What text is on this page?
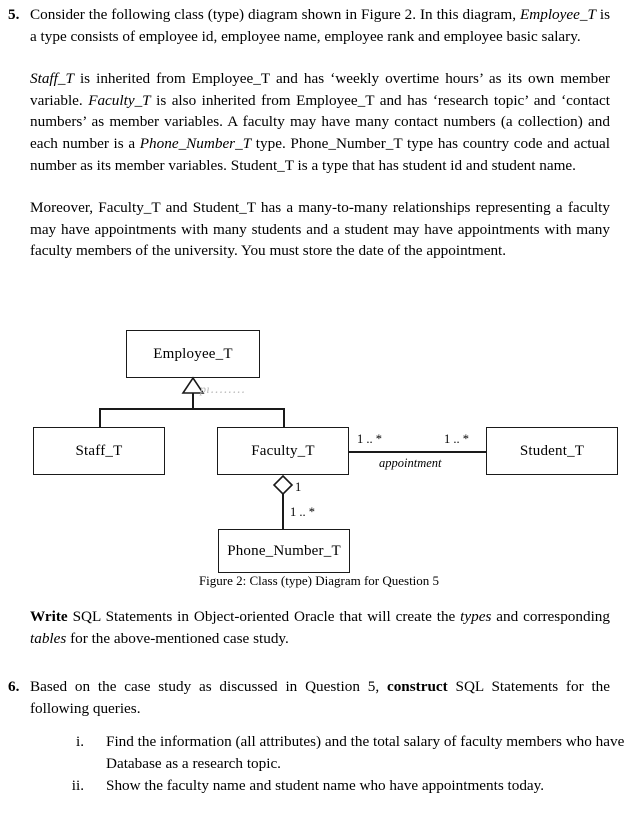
5. Consider the following class (type) diagram shown in Figure 2. In this diagram, Employee_T is a type consists of employee id, employee name, employee rank and employee basic salary.

Staff_T is inherited from Employee_T and has ‘weekly overtime hours’ as its own member variable. Faculty_T is also inherited from Employee_T and has ‘research topic’ and ‘contact numbers’ as member variables. A faculty may have many contact numbers (a collection) and each number is a Phone_Number_T type. Phone_Number_T type has country code and actual number as its member variables. Student_T is a type that has student id and student name.

Moreover, Faculty_T and Student_T has a many-to-many relationships representing a faculty may have appointments with many students and a student may have appointments with many faculty members of the university. You must store the date of the appointment.

Employee_T
pı․․․․․․․․
Staff_T	Faculty_T	Student_T
1 .. *	1 .. *
appointment
1
1 .. *
Phone_Number_T
Figure 2: Class (type) Diagram for Question 5

Write SQL Statements in Object-oriented Oracle that will create the types and corresponding tables for the above-mentioned case study.

6. Based on the case study as discussed in Question 5, construct SQL Statements for the following queries.

i.	Find the information (all attributes) and the total salary of faculty members who have Database as a research topic.
ii.	Show the faculty name and student name who have appointments today.
